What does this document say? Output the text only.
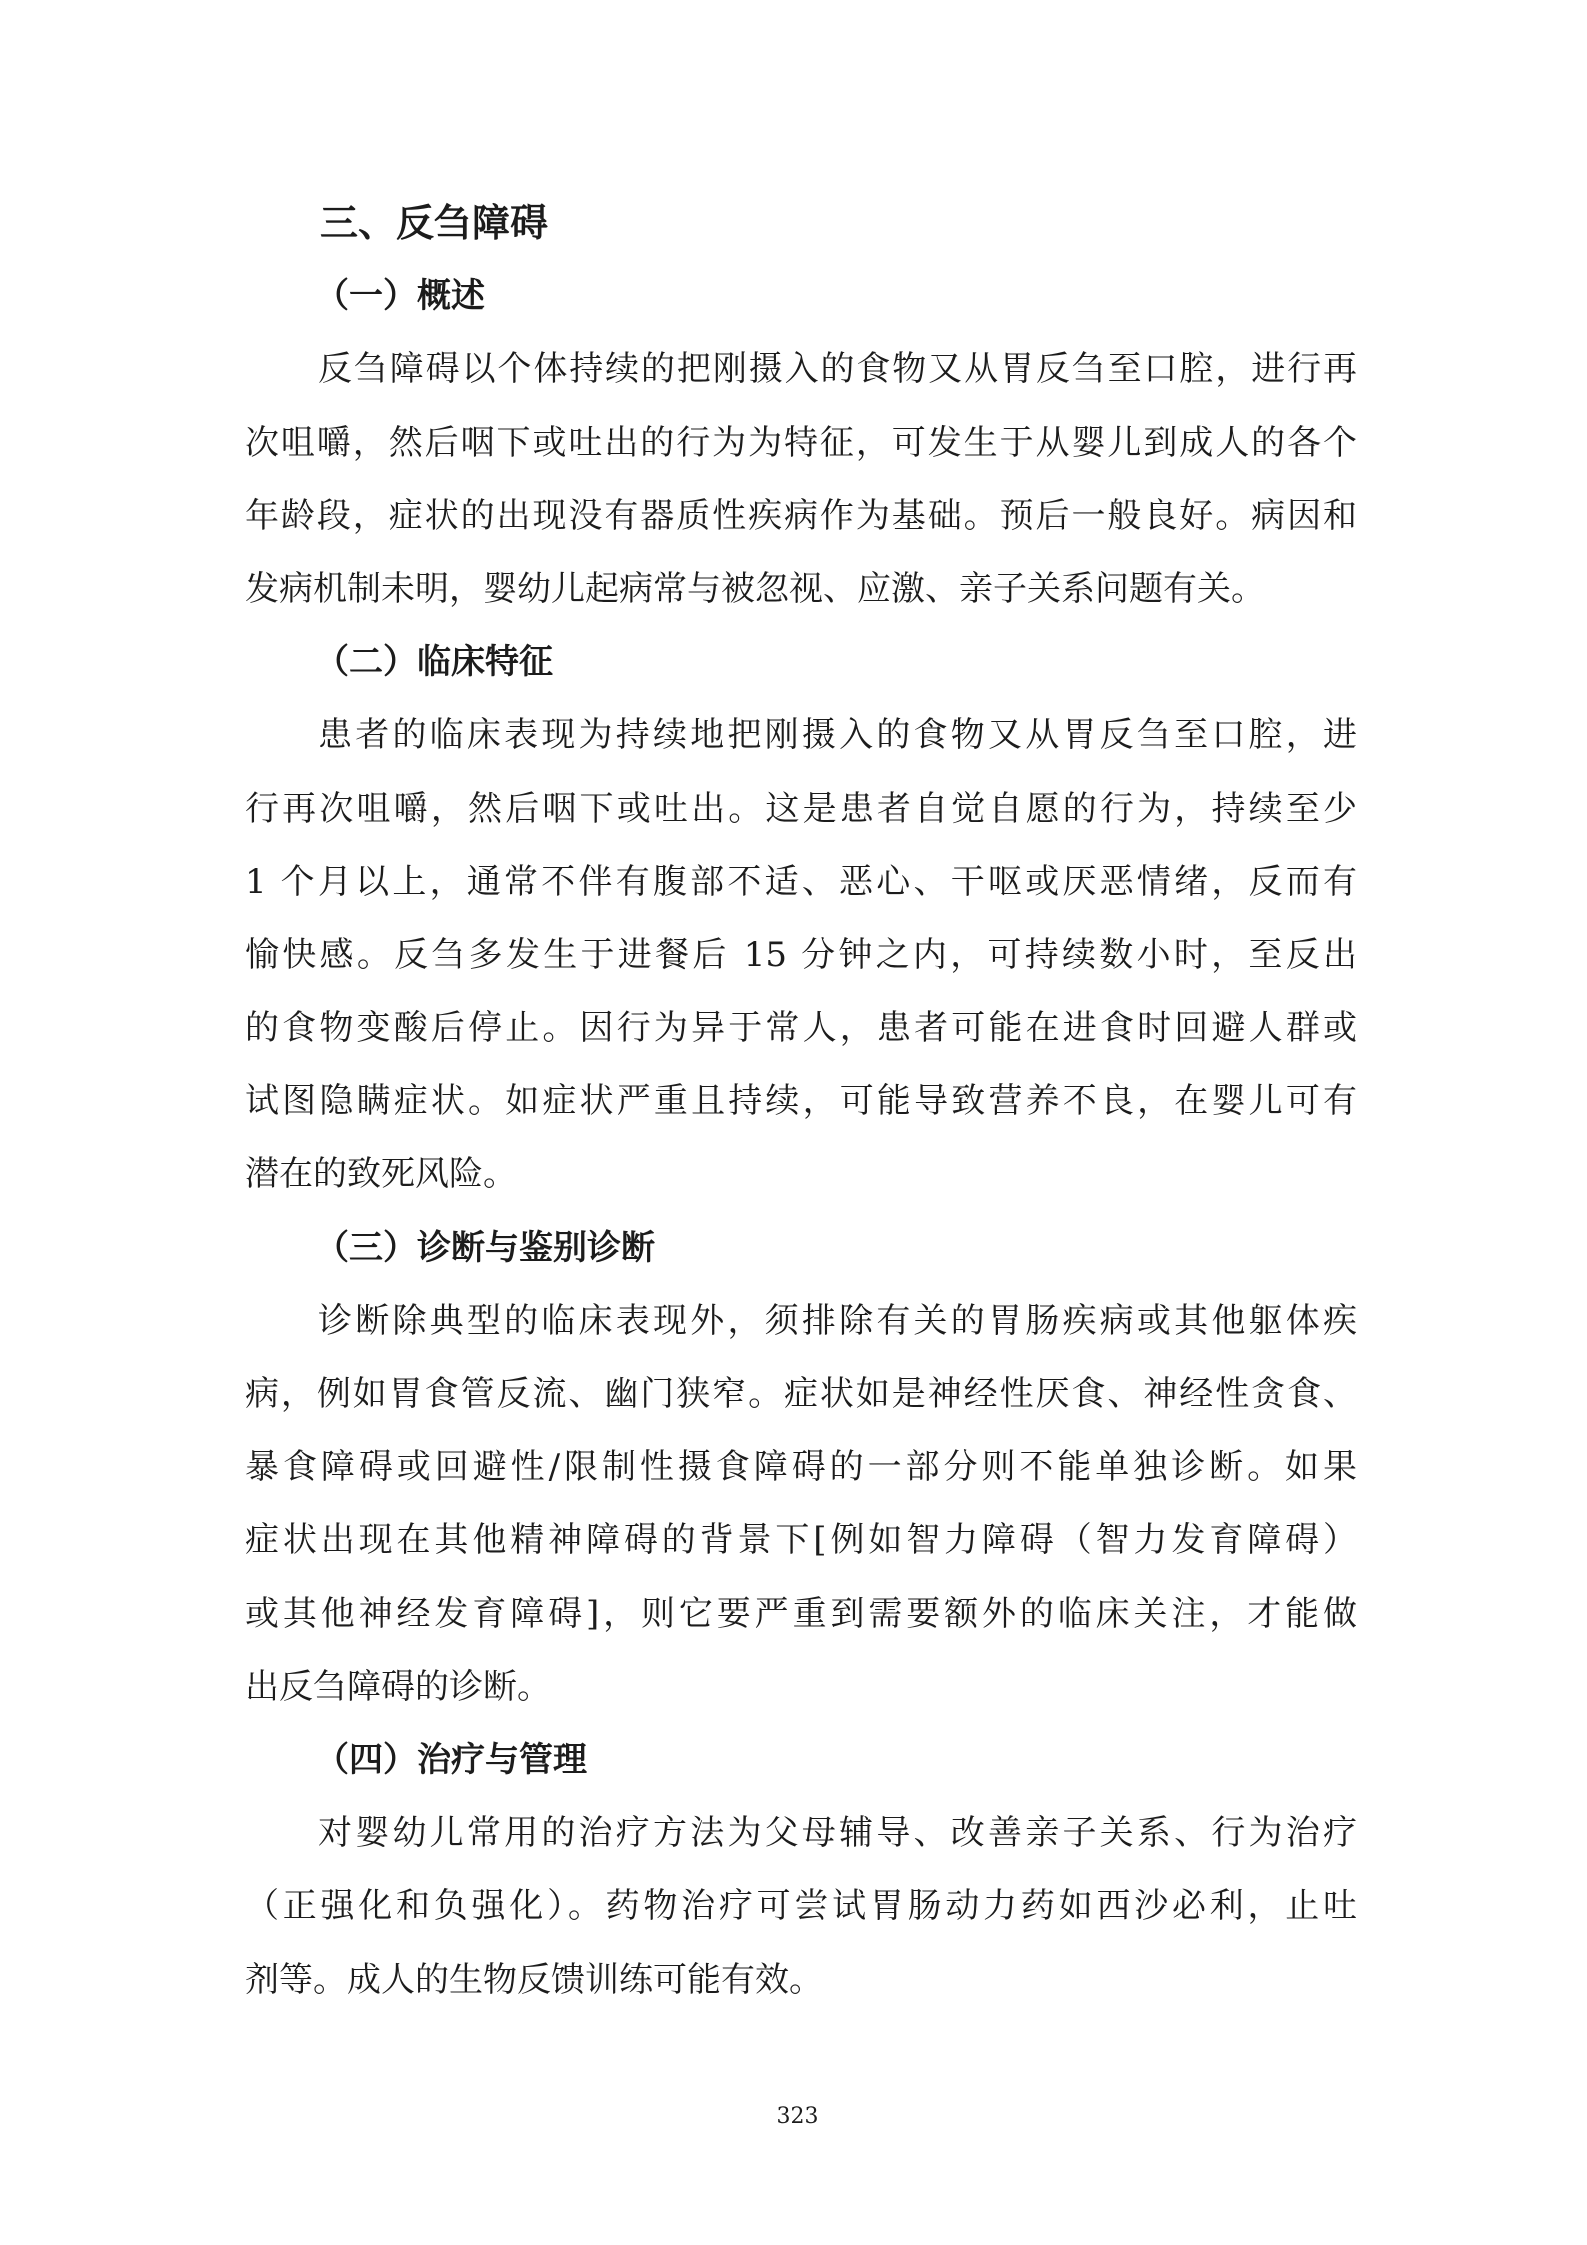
三、反刍障碍
（一）概述
反刍障碍以个体持续的把刚摄入的食物又从胃反刍至口腔，进行再
次咀嚼，然后咽下或吐出的行为为特征，可发生于从婴儿到成人的各个
年龄段，症状的出现没有器质性疾病作为基础。预后一般良好。病因和
发病机制未明，婴幼儿起病常与被忽视、应激、亲子关系问题有关。
（二）临床特征
患者的临床表现为持续地把刚摄入的食物又从胃反刍至口腔，进
行再次咀嚼，然后咽下或吐出。这是患者自觉自愿的行为，持续至少
1 个月以上，通常不伴有腹部不适、恶心、干呕或厌恶情绪，反而有
愉快感。反刍多发生于进餐后 15 分钟之内，可持续数小时，至反出
的食物变酸后停止。因行为异于常人，患者可能在进食时回避人群或
试图隐瞒症状。如症状严重且持续，可能导致营养不良，在婴儿可有
潜在的致死风险。
（三）诊断与鉴别诊断
诊断除典型的临床表现外，须排除有关的胃肠疾病或其他躯体疾
病，例如胃食管反流、幽门狭窄。症状如是神经性厌食、神经性贪食、
暴食障碍或回避性/限制性摄食障碍的一部分则不能单独诊断。如果
症状出现在其他精神障碍的背景下[例如智力障碍（智力发育障碍）
或其他神经发育障碍]，则它要严重到需要额外的临床关注，才能做
出反刍障碍的诊断。
（四）治疗与管理
对婴幼儿常用的治疗方法为父母辅导、改善亲子关系、行为治疗
（正强化和负强化）。药物治疗可尝试胃肠动力药如西沙必利，止吐
剂等。成人的生物反馈训练可能有效。
323
